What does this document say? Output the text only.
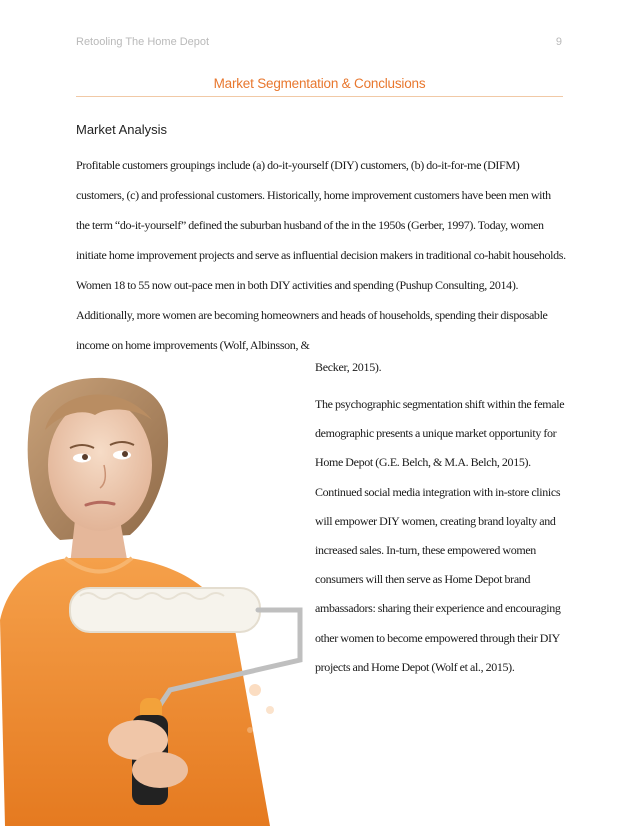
Retooling The Home Depot	9
Market Segmentation & Conclusions
Market Analysis

Profitable customers groupings include (a) do-it-yourself (DIY) customers, (b) do-it-for-me (DIFM) customers, (c) and professional customers. Historically, home improvement customers have been men with the term “do-it-yourself” defined the suburban husband of the in the 1950s (Gerber, 1997). Today, women initiate home improvement projects and serve as influential decision makers in traditional co-habit households. Women 18 to 55 now out-pace men in both DIY activities and spending (Pushup Consulting, 2014). Additionally, more women are becoming homeowners and heads of households, spending their disposable income on home improvements (Wolf, Albinsson, &

Becker, 2015).

The psychographic segmentation shift within the female demographic presents a unique market opportunity for Home Depot (G.E. Belch, & M.A. Belch, 2015). Continued social media integration with in-store clinics will empower DIY women, creating brand loyalty and increased sales. In-turn, these empowered women consumers will then serve as Home Depot brand ambassadors: sharing their experience and encouraging other women to become empowered through their DIY projects and Home Depot (Wolf et al., 2015).
